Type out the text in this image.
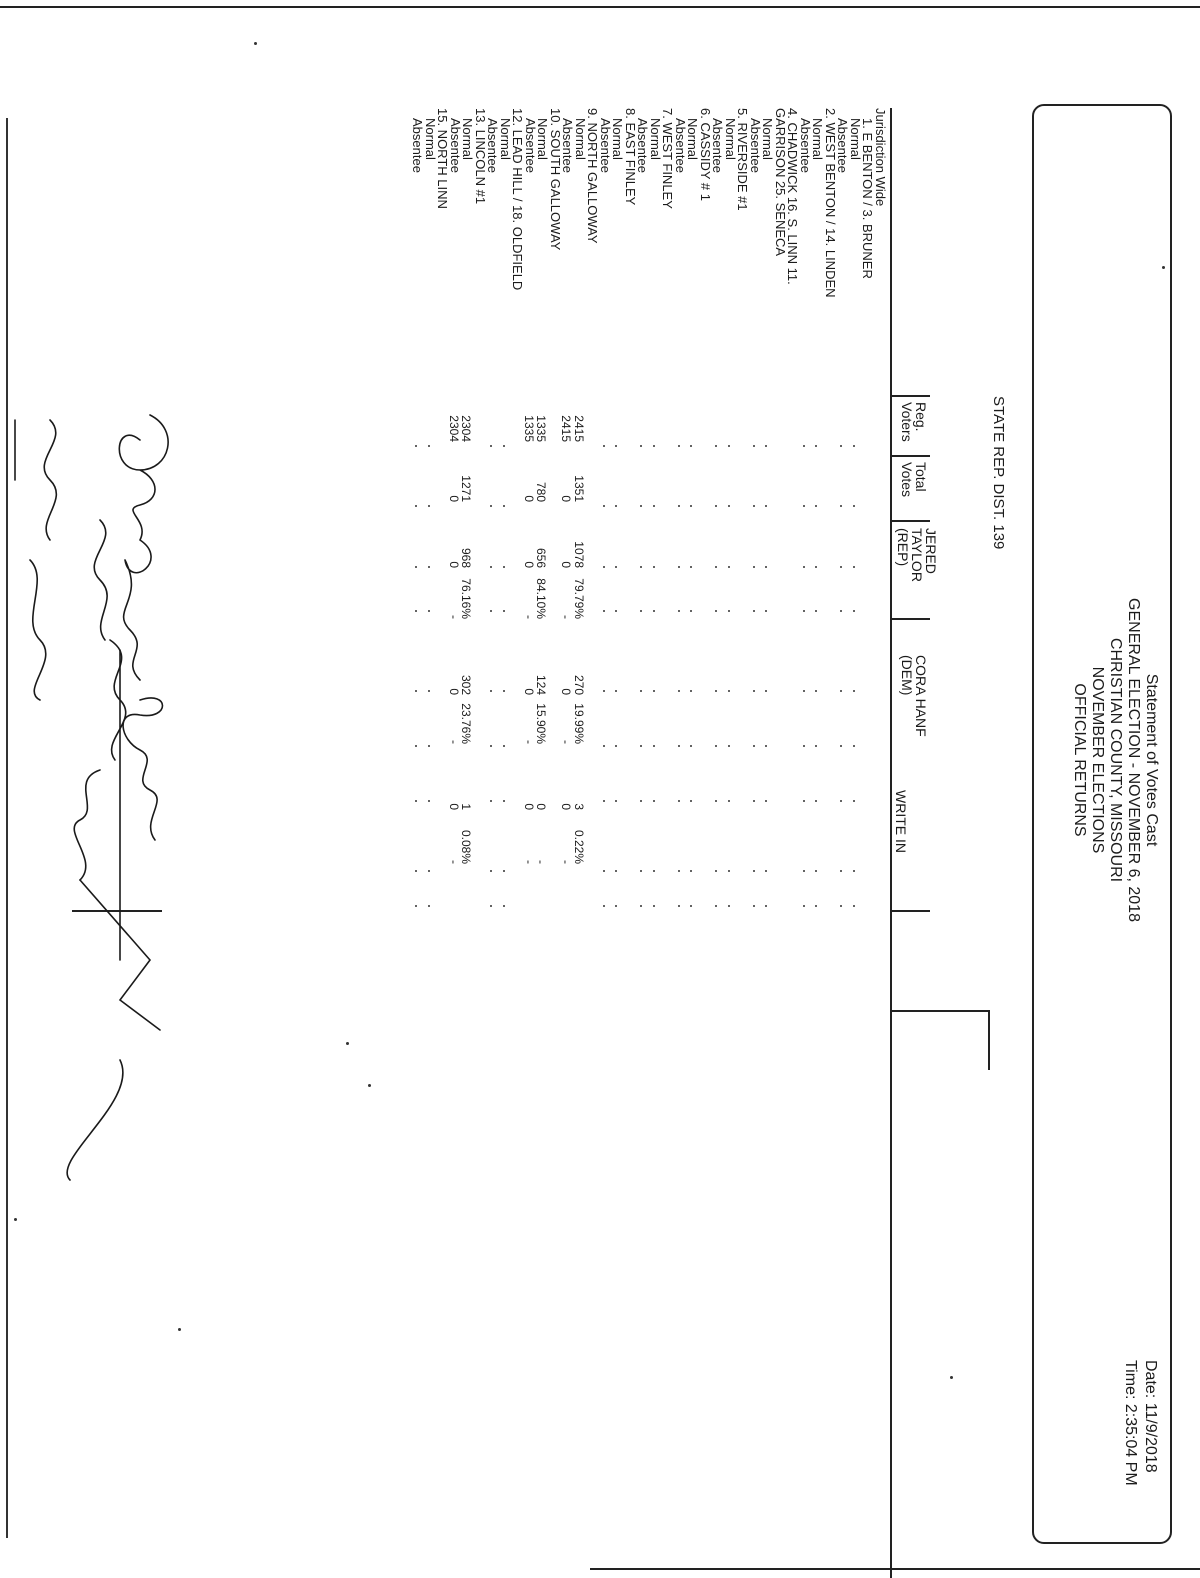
Statement of Votes Cast
GENERAL ELECTION - NOVEMBER 6, 2018
CHRISTIAN COUNTY, MISSOURI
NOVEMBER ELECTIONS
OFFICIAL RETURNS
Date: 11/9/2018
Time: 2:35:04 PM
STATE REP. DIST. 139
Reg.
Voters
Total
Votes
JERED
TAYLOR
(REP)
CORA HANF
(DEM)
WRITE IN
Jurisdiction Wide
1. E BENTON / 3. BRUNER
Normal
Absentee
2. WEST BENTON / 14. LINDEN
Normal
Absentee
4. CHADWICK 16. S. LINN 11.
GARRISON 25. SENECA
Normal
Absentee
5. RIVERSIDE #1
Normal
Absentee
6. CASSIDY # 1
Normal
Absentee
7. WEST FINLEY
Normal
Absentee
8. EAST FINLEY
Normal
Absentee
9. NORTH GALLOWAY
Normal
Absentee
10. SOUTH GALLOWAY
Normal
Absentee
12. LEAD HILL / 18. OLDFIELD
Normal
Absentee
13. LINCOLN #1
Normal
Absentee
15. NORTH LINN
Normal
Absentee
2415
1351
1078
79.79%
270
19.99%
3
0.22%
2415
0
0
-
0
-
0
-
1335
780
656
84.10%
124
15.90%
0
-
1335
0
0
-
0
-
0
-
2304
1271
968
76.16%
302
23.76%
1
0.08%
2304
0
0
-
0
-
0
-
